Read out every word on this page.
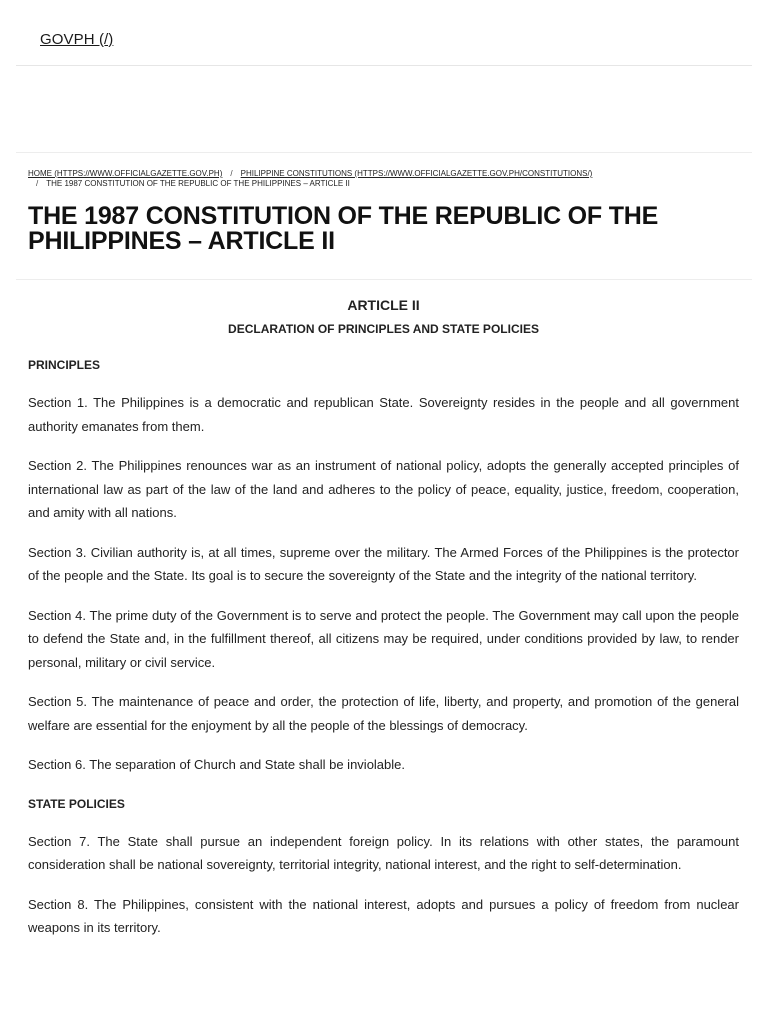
GOVPH (/)
HOME (HTTPS://WWW.OFFICIALGAZETTE.GOV.PH) / PHILIPPINE CONSTITUTIONS (HTTPS://WWW.OFFICIALGAZETTE.GOV.PH/CONSTITUTIONS/)
/ THE 1987 CONSTITUTION OF THE REPUBLIC OF THE PHILIPPINES – ARTICLE II
THE 1987 CONSTITUTION OF THE REPUBLIC OF THE PHILIPPINES – ARTICLE II

ARTICLE II

DECLARATION OF PRINCIPLES AND STATE POLICIES

PRINCIPLES

Section 1. The Philippines is a democratic and republican State. Sovereignty resides in the people and all government authority emanates from them.

Section 2. The Philippines renounces war as an instrument of national policy, adopts the generally accepted principles of international law as part of the law of the land and adheres to the policy of peace, equality, justice, freedom, cooperation, and amity with all nations.

Section 3. Civilian authority is, at all times, supreme over the military. The Armed Forces of the Philippines is the protector of the people and the State. Its goal is to secure the sovereignty of the State and the integrity of the national territory.

Section 4. The prime duty of the Government is to serve and protect the people. The Government may call upon the people to defend the State and, in the fulfillment thereof, all citizens may be required, under conditions provided by law, to render personal, military or civil service.

Section 5. The maintenance of peace and order, the protection of life, liberty, and property, and promotion of the general welfare are essential for the enjoyment by all the people of the blessings of democracy.

Section 6. The separation of Church and State shall be inviolable.

STATE POLICIES

Section 7. The State shall pursue an independent foreign policy. In its relations with other states, the paramount consideration shall be national sovereignty, territorial integrity, national interest, and the right to self-determination.

Section 8. The Philippines, consistent with the national interest, adopts and pursues a policy of freedom from nuclear weapons in its territory.
